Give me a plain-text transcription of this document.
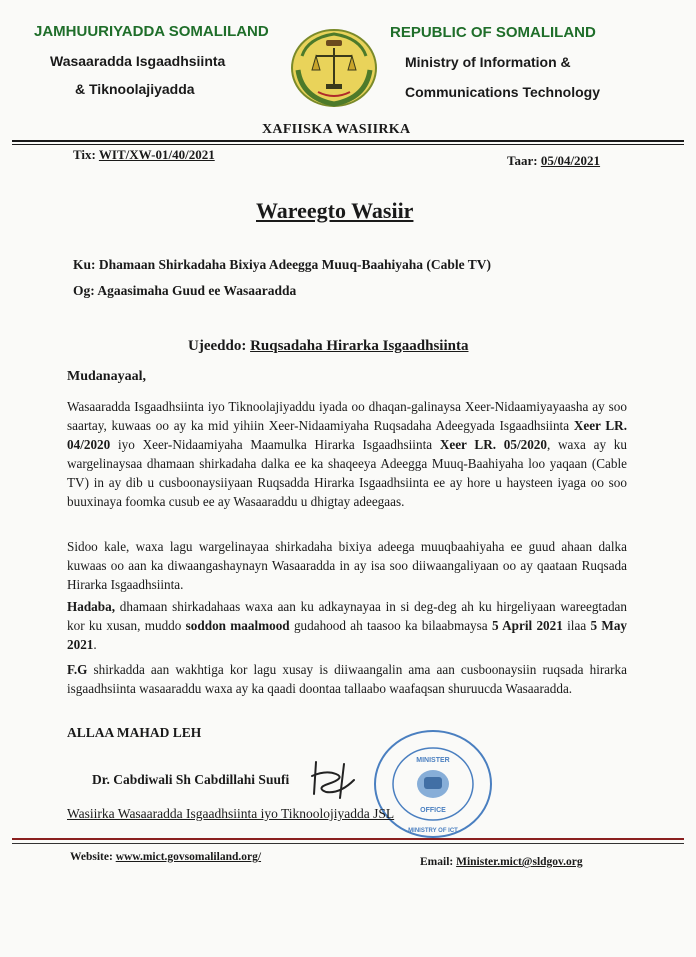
JAMHUURIYADDA SOMALILAND
Wasaaradda Isgaadhsiinta
& Tiknoolajiyadda
REPUBLIC OF SOMALILAND
Ministry of Information &
Communications Technology
XAFIISKA WASIIRKA
Tix: WIT/XW-01/40/2021	Taar: 05/04/2021
Wareegto Wasiir
Ku: Dhamaan Shirkadaha Bixiya Adeegga Muuq-Baahiyaha (Cable TV)
Og: Agaasimaha Guud ee Wasaaradda
Ujeeddo: Ruqsadaha Hirarka Isgaadhsiinta
Mudanayaal,
Wasaaradda Isgaadhsiinta iyo Tiknoolajiyaddu iyada oo dhaqan-galinaysa Xeer-Nidaamiyayaasha ay soo saartay, kuwaas oo ay ka mid yihiin Xeer-Nidaamiyaha Ruqsadaha Adeegyada Isgaadhsiinta Xeer LR. 04/2020 iyo Xeer-Nidaamiyaha Maamulka Hirarka Isgaadhsiinta Xeer LR. 05/2020, waxa ay ku wargelinaysaa dhamaan shirkadaha dalka ee ka shaqeeya Adeegga Muuq-Baahiyaha loo yaqaan (Cable TV) in ay dib u cusboonaysiiyaan Ruqsadda Hirarka Isgaadhsiinta ee ay hore u haysteen iyaga oo soo buuxinaya foomka cusub ee ay Wasaaraddu u dhigtay adeegaas.
Sidoo kale, waxa lagu wargelinayaa shirkadaha bixiya adeega muuqbaahiyaha ee guud ahaan dalka kuwaas oo aan ka diwaangashaynayn Wasaaradda in ay isa soo diiwaangaliyaan oo ay qaataan Ruqsada Hirarka Isgaadhsiinta.
Hadaba, dhamaan shirkadahaas waxa aan ku adkaynayaa in si deg-deg ah ku hirgeliyaan wareegtadan kor ku xusan, muddo soddon maalmood gudahood ah taasoo ka bilaabmaysa 5 April 2021 ilaa 5 May 2021.
F.G shirkadda aan wakhtiga kor lagu xusay is diiwaangalin ama aan cusboonaysiin ruqsada hirarka isgaadhsiinta wasaaraddu waxa ay ka qaadi doontaa tallaabo waafaqsan shuruucda Wasaaradda.
ALLAA MAHAD LEH
Dr. Cabdiwali Sh Cabdillahi Suufi
MINISTER
OFFICE
MINISTRY OF ICT
Wasiirka Wasaaradda Isgaadhsiinta iyo Tiknoolojiyadda JSL
Website: www.mict.govsomaliland.org/	Email: Minister.mict@sldgov.org
